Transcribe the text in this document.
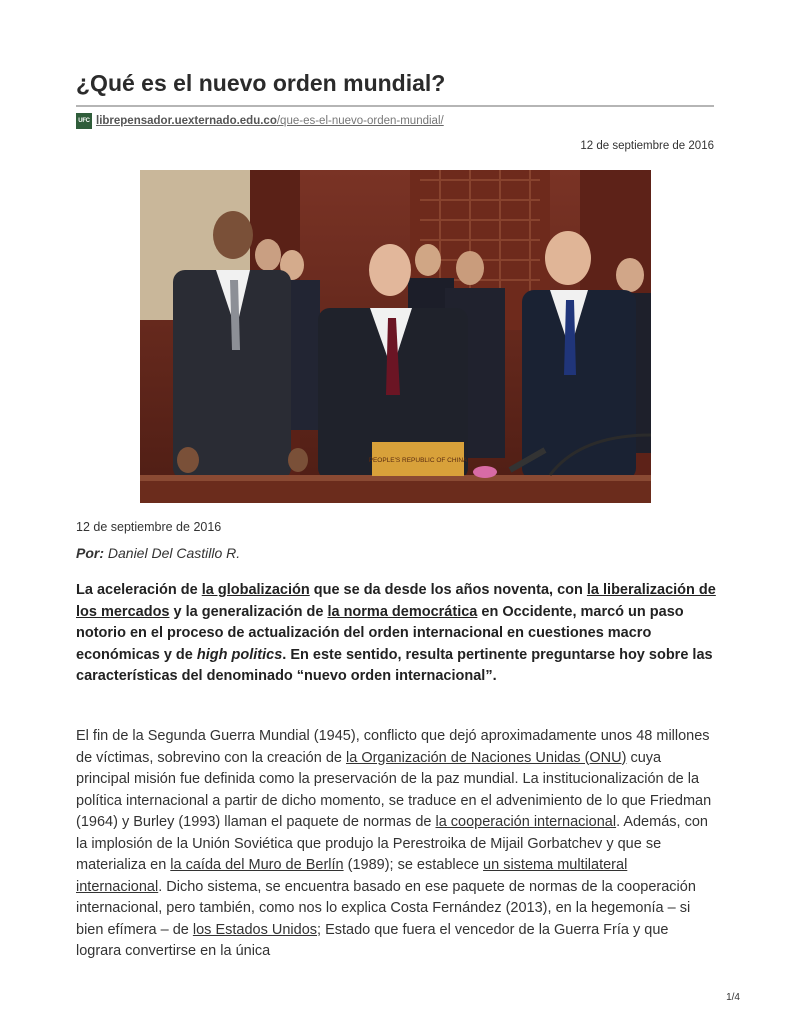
¿Qué es el nuevo orden mundial?
UFC librepensador.uexternado.edu.co/que-es-el-nuevo-orden-mundial/
12 de septiembre de 2016
PEOPLE'S REPUBLIC OF CHINA
12 de septiembre de 2016
Por: Daniel Del Castillo R.

La aceleración de la globalización que se da desde los años noventa, con la liberalización de los mercados y la generalización de la norma democrática en Occidente, marcó un paso notorio en el proceso de actualización del orden internacional en cuestiones macro económicas y de high politics. En este sentido, resulta pertinente preguntarse hoy sobre las características del denominado “nuevo orden internacional”.

El fin de la Segunda Guerra Mundial (1945), conflicto que dejó aproximadamente unos 48 millones de víctimas, sobrevino con la creación de la Organización de Naciones Unidas (ONU) cuya principal misión fue definida como la preservación de la paz mundial. La institucionalización de la política internacional a partir de dicho momento, se traduce en el advenimiento de lo que Friedman (1964) y Burley (1993) llaman el paquete de normas de la cooperación internacional. Además, con la implosión de la Unión Soviética que produjo la Perestroika de Mijail Gorbatchev y que se materializa en la caída del Muro de Berlín (1989); se establece un sistema multilateral internacional. Dicho sistema, se encuentra basado en ese paquete de normas de la cooperación internacional, pero también, como nos lo explica Costa Fernández (2013), en la hegemonía – si bien efímera – de los Estados Unidos; Estado que fuera el vencedor de la Guerra Fría y que lograra convertirse en la única

1/4
